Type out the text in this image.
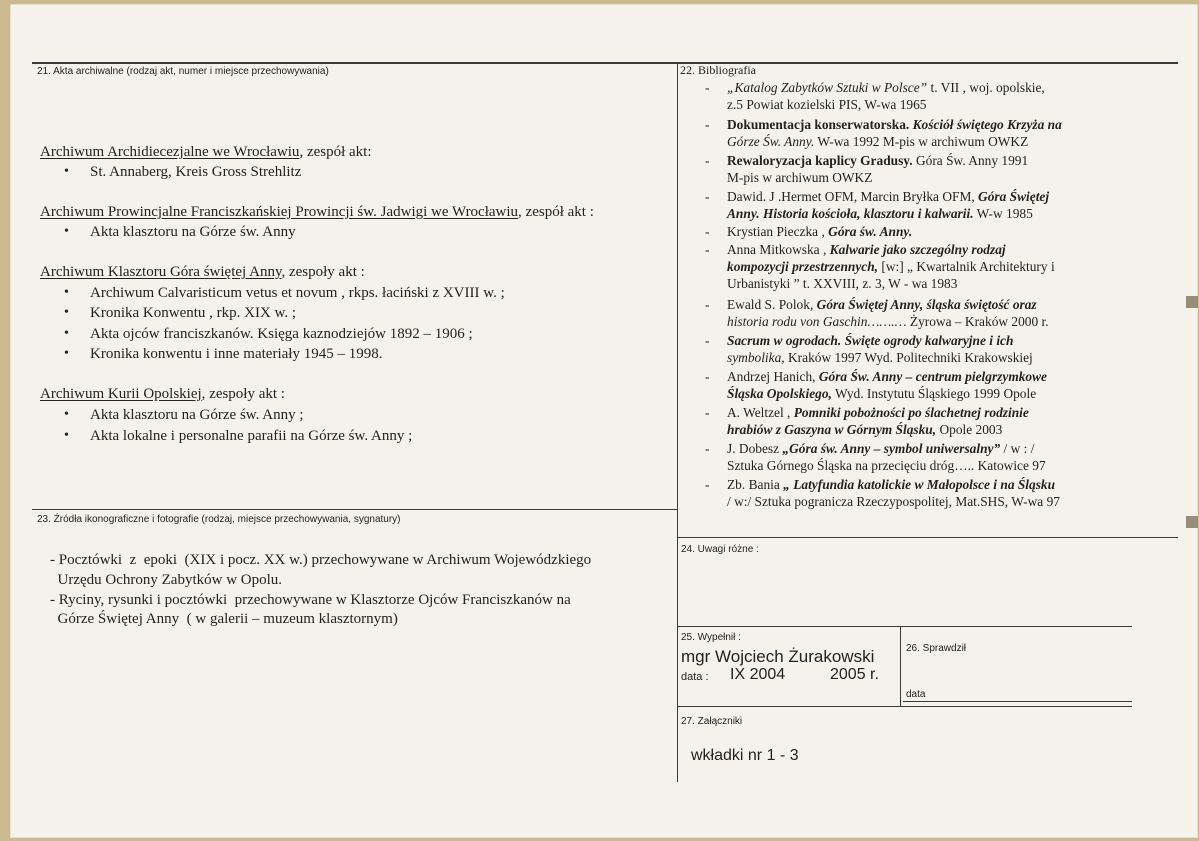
21. Akta archiwalne (rodzaj akt, numer i miejsce przechowywania)
Archiwum Archidiecezjalne we Wrocławiu, zespół akt:
• St. Annaberg, Kreis Gross Strehlitz
Archiwum Prowincjalne Franciszkańskiej Prowincji św. Jadwigi we Wrocławiu, zespół akt :
• Akta klasztoru na Górze św. Anny
Archiwum Klasztoru Góra świętej Anny, zespoły akt :
• Archiwum Calvaristicum vetus et novum , rkps. łaciński z XVIII w. ;
• Kronika Konwentu , rkp. XIX w. ;
• Akta ojców franciszkanów. Księga kaznodziejów 1892 – 1906 ;
• Kronika konwentu i inne materiały 1945 – 1998.
Archiwum Kurii Opolskiej, zespoły akt :
• Akta klasztoru na Górze św. Anny ;
• Akta lokalne i personalne parafii na Górze św. Anny ;
22. Bibliografia
- „Katalog Zabytków Sztuki w Polsce” t. VII , woj. opolskie,
z.5 Powiat kozielski PIS, W-wa 1965
- Dokumentacja konserwatorska. Kościół świętego Krzyża na
Górze Św. Anny. W-wa 1992 M-pis w archiwum OWKZ
- Rewaloryzacja kaplicy Gradusy. Góra Św. Anny 1991
M-pis w archiwum OWKZ
- Dawid. J .Hermet OFM, Marcin Bryłka OFM, Góra Świętej
Anny. Historia kościoła, klasztoru i kalwarii. W-w 1985
- Krystian Pieczka , Góra św. Anny.
- Anna Mitkowska , Kalwarie jako szczególny rodzaj
kompozycji przestrzennych, [w:] „ Kwartalnik Architektury i
Urbanistyki ” t. XXVIII, z. 3, W - wa 1983
- Ewald S. Polok, Góra Świętej Anny, śląska świętość oraz
historia rodu von Gaschin…….… Żyrowa – Kraków 2000 r.
- Sacrum w ogrodach. Święte ogrody kalwaryjne i ich
symbolika, Kraków 1997 Wyd. Politechniki Krakowskiej
- Andrzej Hanich, Góra Św. Anny – centrum pielgrzymkowe
Śląska Opolskiego, Wyd. Instytutu Śląskiego 1999 Opole
- A. Weltzel , Pomniki pobożności po ślachetnej rodzinie
hrabiów z Gaszyna w Górnym Śląsku, Opole 2003
- J. Dobesz „Góra św. Anny – symbol uniwersalny” / w : /
Sztuka Górnego Śląska na przecięciu dróg….. Katowice 97
- Zb. Bania „ Latyfundia katolickie w Małopolsce i na Śląsku
/ w:/ Sztuka pogranicza Rzeczypospolitej, Mat.SHS, W-wa 97
23. Źródła ikonograficzne i fotografie (rodzaj, miejsce przechowywania, sygnatury)
- Pocztówki  z  epoki  (XIX i pocz. XX w.) przechowywane w Archiwum Wojewódzkiego
Urzędu Ochrony Zabytków w Opolu.
- Ryciny, rysunki i pocztówki  przechowywane w Klasztorze Ojców Franciszkanów na
Górze Świętej Anny  ( w galerii – muzeum klasztornym)
24. Uwagi różne :
25. Wypełnił :
mgr Wojciech Żurakowski
data : IX 2004	2005 r.
26. Sprawdził
data
27. Załączniki
wkładki nr 1 - 3
